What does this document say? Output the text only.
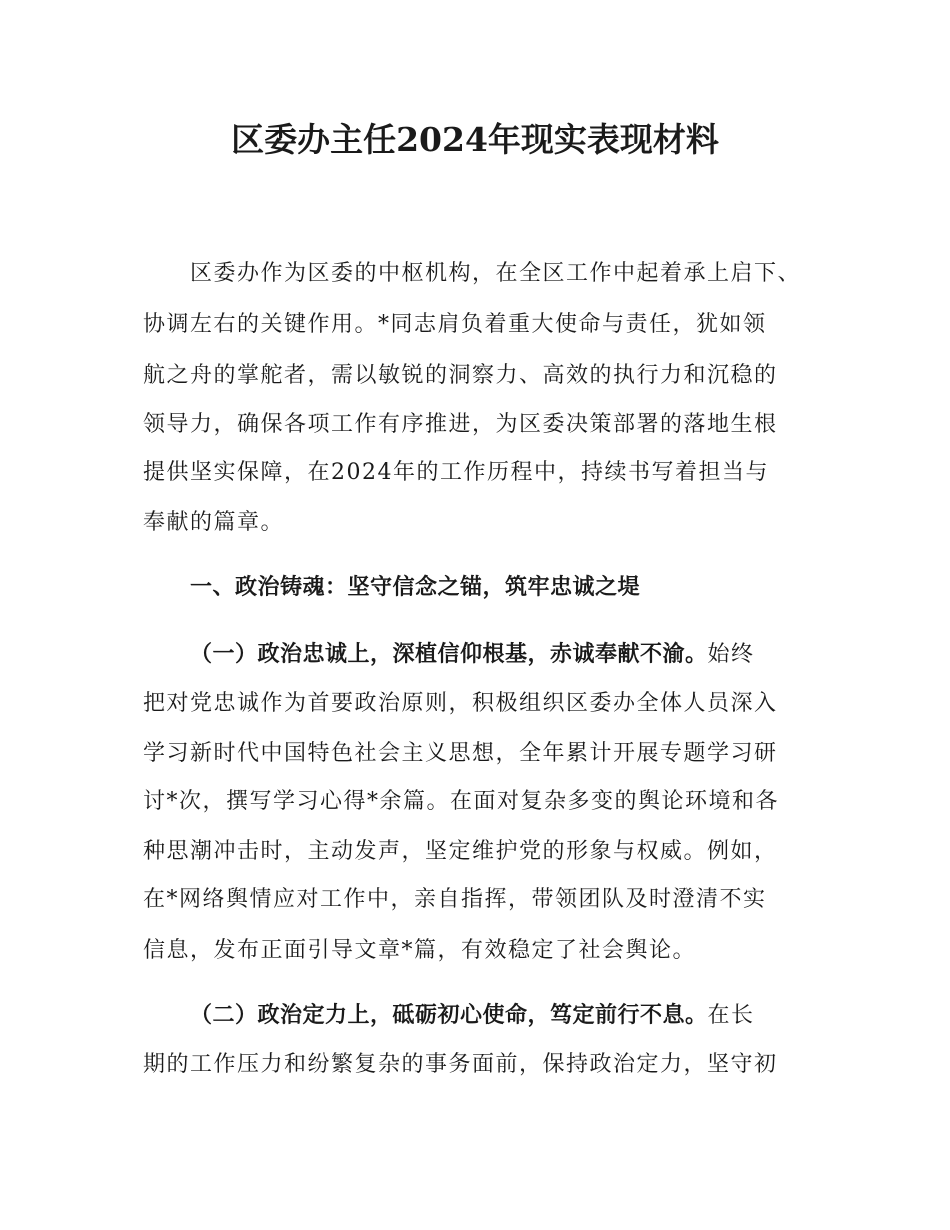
区委办主任2024年现实表现材料
区委办作为区委的中枢机构，在全区工作中起着承上启下、
协调左右的关键作用。*同志肩负着重大使命与责任，犹如领
航之舟的掌舵者，需以敏锐的洞察力、高效的执行力和沉稳的
领导力，确保各项工作有序推进，为区委决策部署的落地生根
提供坚实保障，在2024年的工作历程中，持续书写着担当与
奉献的篇章。
一、政治铸魂：坚守信念之锚，筑牢忠诚之堤
（一）政治忠诚上，深植信仰根基，赤诚奉献不渝。始终
把对党忠诚作为首要政治原则，积极组织区委办全体人员深入
学习新时代中国特色社会主义思想，全年累计开展专题学习研
讨*次，撰写学习心得*余篇。在面对复杂多变的舆论环境和各
种思潮冲击时，主动发声，坚定维护党的形象与权威。例如，
在*网络舆情应对工作中，亲自指挥，带领团队及时澄清不实
信息，发布正面引导文章*篇，有效稳定了社会舆论。
（二）政治定力上，砥砺初心使命，笃定前行不息。在长
期的工作压力和纷繁复杂的事务面前，保持政治定力，坚守初
